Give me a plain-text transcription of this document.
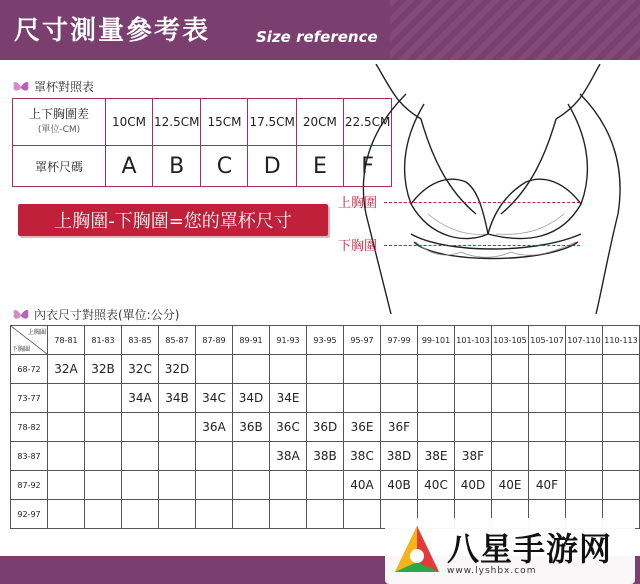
尺寸測量參考表	Size reference
罩杯對照表
上下胸圍差
(單位-CM)	10CM	12.5CM	15CM	17.5CM	20CM	22.5CM
罩杯尺碼	A	B	C	D	E	F
上胸圍-下胸圍=您的罩杯尺寸
上胸圍
下胸圍
內衣尺寸對照表(單位:公分)
上胸圍
下胸圍	78-81	81-83	83-85	85-87	87-89	89-91	91-93	93-95	95-97	97-99	99-101	101-103	103-105	105-107	107-110	110-113
68-72	32A	32B	32C	32D												
73-77			34A	34B	34C	34D	34E									
78-82					36A	36B	36C	36D	36E	36F						
83-87							38A	38B	38C	38D	38E	38F				
87-92									40A	40B	40C	40D	40E	40F		
92-97																
八星手游网
www.lyshbx.com
